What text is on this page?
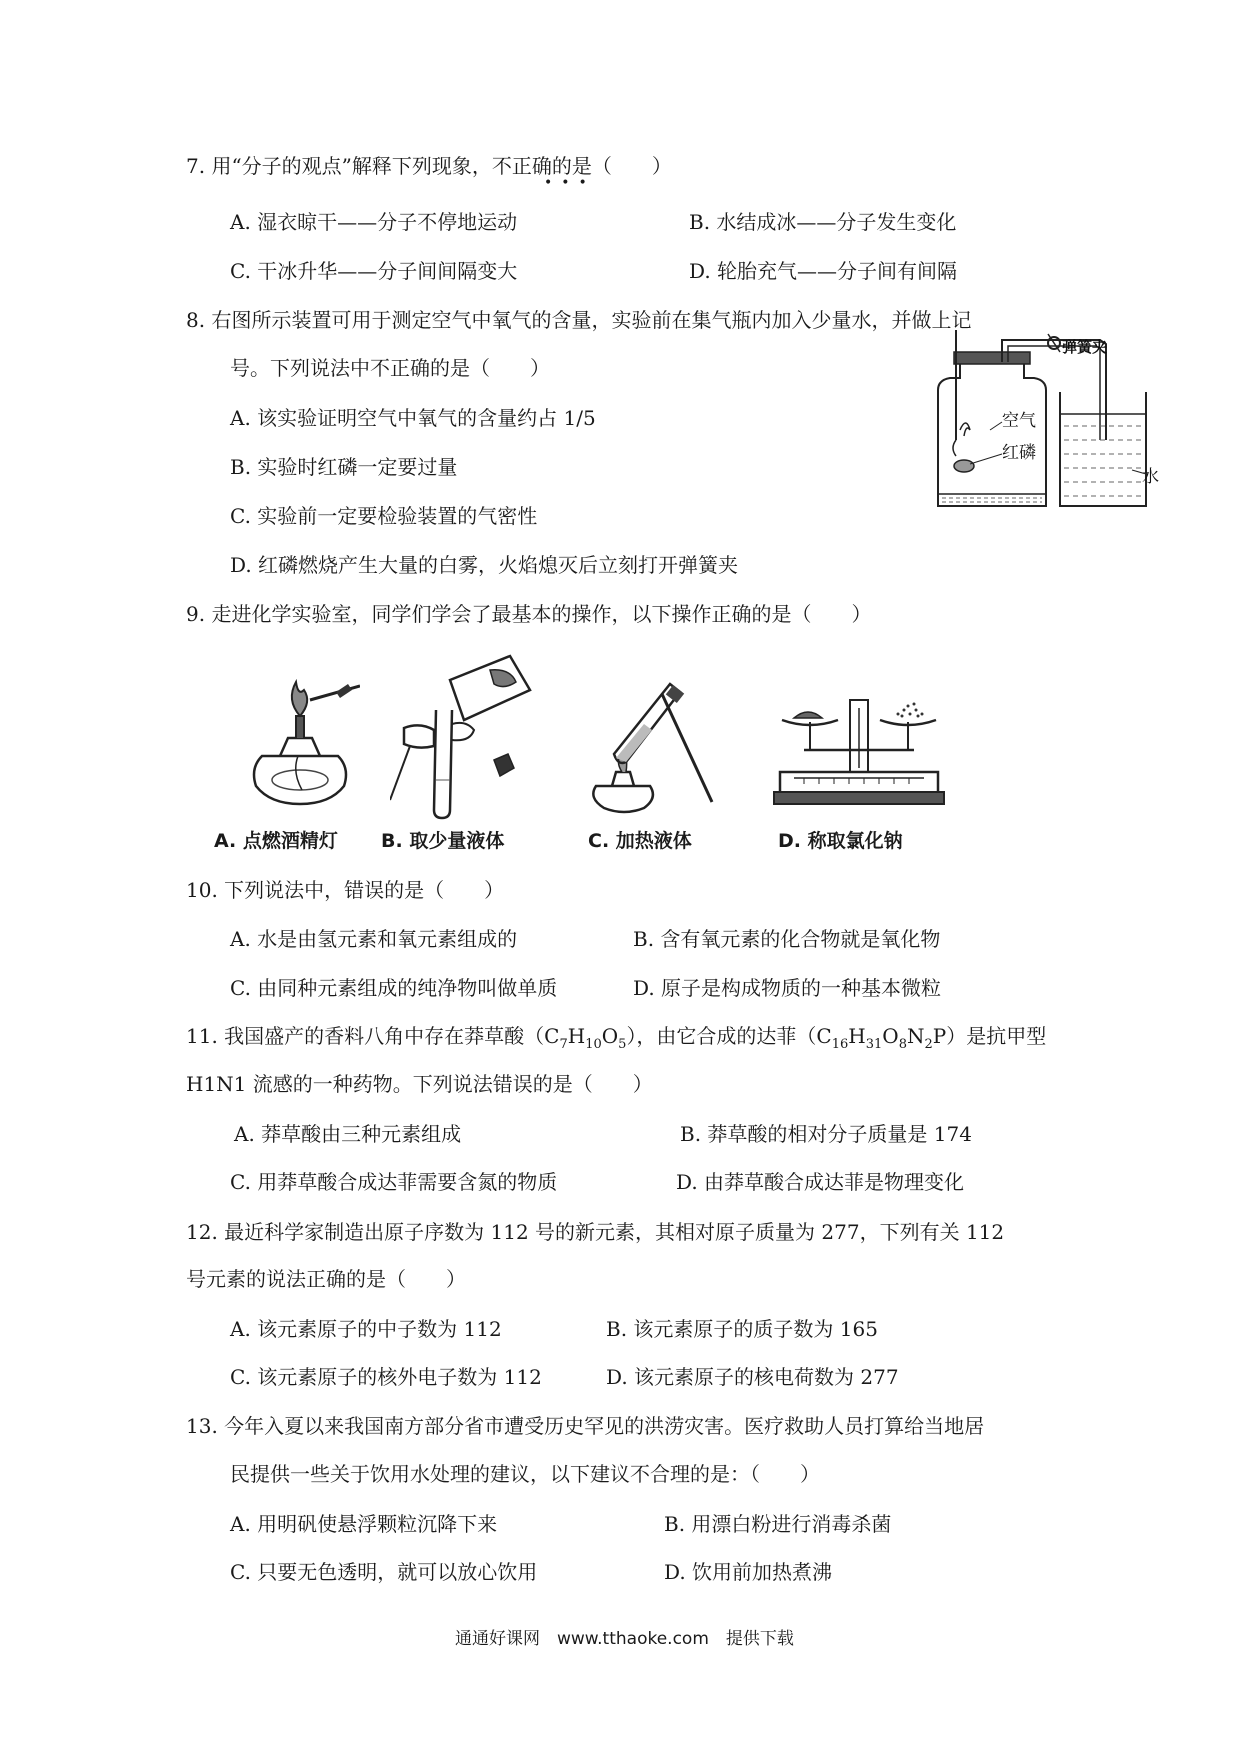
7. 用“分子的观点”解释下列现象，不正确的是（　　）
•••
A. 湿衣晾干——分子不停地运动	B. 水结成冰——分子发生变化
C. 干冰升华——分子间间隔变大	D. 轮胎充气——分子间有间隔
8. 右图所示装置可用于测定空气中氧气的含量，实验前在集气瓶内加入少量水，并做上记
号。下列说法中不正确的是（　　）
A. 该实验证明空气中氧气的含量约占 1/5
B. 实验时红磷一定要过量
C. 实验前一定要检验装置的气密性
D. 红磷燃烧产生大量的白雾，火焰熄灭后立刻打开弹簧夹
弹簧夹
空气
红磷
水
9. 走进化学实验室，同学们学会了最基本的操作，以下操作正确的是（　　）
A. 点燃酒精灯 B. 取少量液体	C. 加热液体	D. 称取氯化钠
10. 下列说法中，错误的是（　　）
A. 水是由氢元素和氧元素组成的	B. 含有氧元素的化合物就是氧化物
C. 由同种元素组成的纯净物叫做单质	D. 原子是构成物质的一种基本微粒
11. 我国盛产的香料八角中存在莽草酸$(C_7H_{10}O_5)$，由它合成的达菲$(C_{16}H_{31}O_8N_2P)$是抗甲型
H1N1 流感的一种药物。下列说法错误的是（　　）
A. 莽草酸由三种元素组成	B. 莽草酸的相对分子质量是 174
C. 用莽草酸合成达菲需要含氮的物质	D. 由莽草酸合成达菲是物理变化
12. 最近科学家制造出原子序数为 112 号的新元素，其相对原子质量为 277，下列有关 112
号元素的说法正确的是（　　）
A. 该元素原子的中子数为 112	B. 该元素原子的质子数为 165
C. 该元素原子的核外电子数为 112	D. 该元素原子的核电荷数为 277
13. 今年入夏以来我国南方部分省市遭受历史罕见的洪涝灾害。医疗救助人员打算给当地居
民提供一些关于饮用水处理的建议，以下建议不合理的是：（　　）
A. 用明矾使悬浮颗粒沉降下来	B. 用漂白粉进行消毒杀菌
C. 只要无色透明，就可以放心饮用	D. 饮用前加热煮沸
通通好课网　www.tthaoke.com　提供下载
